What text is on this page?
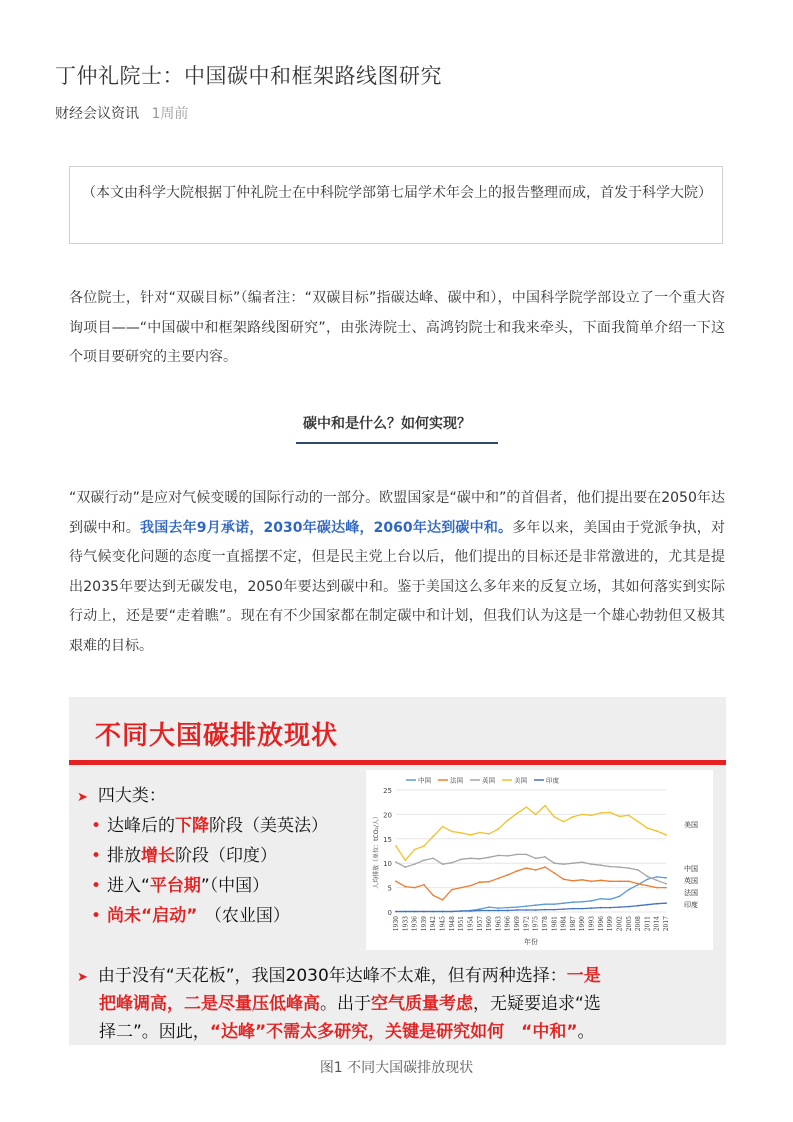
丁仲礼院士：中国碳中和框架路线图研究
财经会议资讯 1周前
（本文由科学大院根据丁仲礼院士在中科院学部第七届学术年会上的报告整理而成，首发于科学大院）
各位院士，针对“双碳目标”（编者注：“双碳目标”指碳达峰、碳中和），中国科学院学部设立了一个重大咨询项目——“中国碳中和框架路线图研究”，由张涛院士、高鸿钧院士和我来牵头，下面我简单介绍一下这个项目要研究的主要内容。
碳中和是什么？如何实现？
“双碳行动”是应对气候变暖的国际行动的一部分。欧盟国家是“碳中和”的首倡者，他们提出要在2050年达到碳中和。我国去年9月承诺，2030年碳达峰，2060年达到碳中和。多年以来，美国由于党派争执，对待气候变化问题的态度一直摇摆不定，但是民主党上台以后，他们提出的目标还是非常激进的，尤其是提出2035年要达到无碳发电，2050年要达到碳中和。鉴于美国这么多年来的反复立场，其如何落实到实际行动上，还是要“走着瞧”。现在有不少国家都在制定碳中和计划，但我们认为这是一个雄心勃勃但又极其艰难的目标。
不同大国碳排放现状
➤ 四大类：
• 达峰后的下降阶段（美英法）
• 排放增长阶段（印度）
• 进入“平台期”（中国）
• 尚未“启动” （农业国）	0
5
10
15
20
25
人均排放（单位：tCO₂/人）
1930 1933 1936 1939 1942 1945 1948 1951 1954 1957 1960 1963 1966 1969 1972 1975 1978 1981 1984 1987 1990 1993 1996 1999 2002 2005 2008 2011 2014 2017
年份
中国	法国	英国	美国	印度
美国
中国
英国
法国
印度
➤ 由于没有“天花板”，我国2030年达峰不太难，但有两种选择：一是
把峰调高，二是尽量压低峰高。出于空气质量考虑，无疑要追求“选
择二”。因此，“达峰”不需太多研究，关键是研究如何　“中和”。
图1 不同大国碳排放现状
